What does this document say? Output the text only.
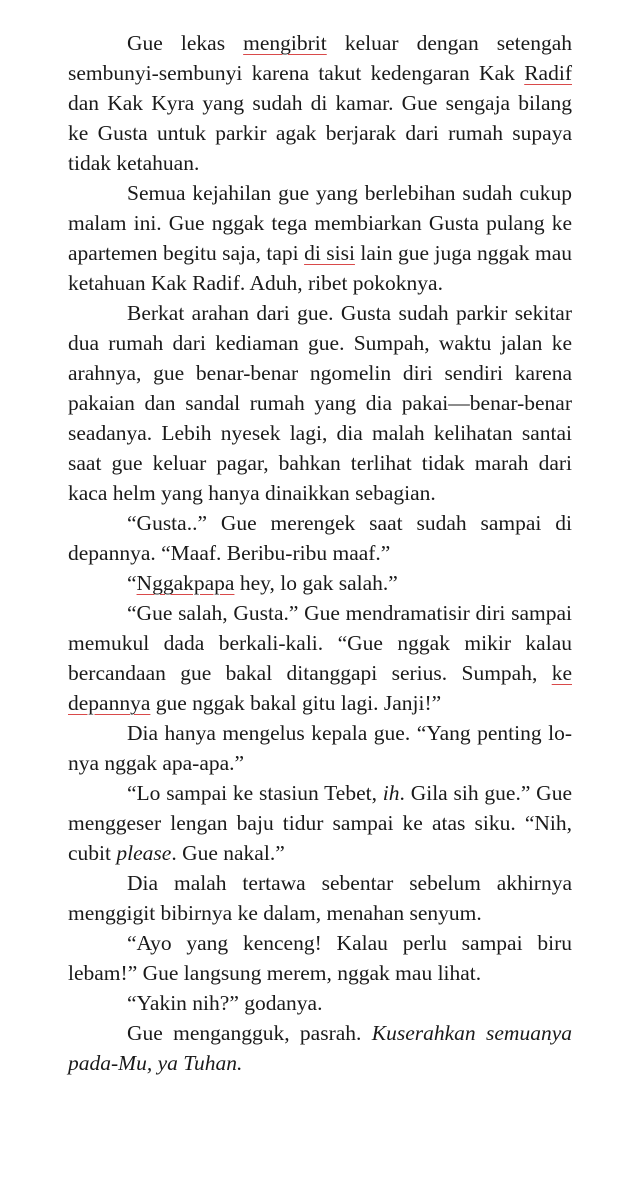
Gue lekas mengibrit keluar dengan setengah sembunyi-sembunyi karena takut kedengaran Kak Radif dan Kak Kyra yang sudah di kamar. Gue sengaja bilang ke Gusta untuk parkir agak berjarak dari rumah supaya tidak ketahuan.

Semua kejahilan gue yang berlebihan sudah cukup malam ini. Gue nggak tega membiarkan Gusta pulang ke apartemen begitu saja, tapi di sisi lain gue juga nggak mau ketahuan Kak Radif. Aduh, ribet pokoknya.

Berkat arahan dari gue. Gusta sudah parkir sekitar dua rumah dari kediaman gue. Sumpah, waktu jalan ke arahnya, gue benar-benar ngomelin diri sendiri karena pakaian dan sandal rumah yang dia pakai—benar-benar seadanya. Lebih nyesek lagi, dia malah kelihatan santai saat gue keluar pagar, bahkan terlihat tidak marah dari kaca helm yang hanya dinaikkan sebagian.

“Gusta..” Gue merengek saat sudah sampai di depannya. “Maaf. Beribu-ribu maaf.”

“Nggakpapa hey, lo gak salah.”

“Gue salah, Gusta.” Gue mendramatisir diri sampai memukul dada berkali-kali. “Gue nggak mikir kalau bercandaan gue bakal ditanggapi serius. Sumpah, ke depannya gue nggak bakal gitu lagi. Janji!”

Dia hanya mengelus kepala gue. “Yang penting lo-nya nggak apa-apa.”

“Lo sampai ke stasiun Tebet, ih. Gila sih gue.” Gue menggeser lengan baju tidur sampai ke atas siku. “Nih, cubit please. Gue nakal.”

Dia malah tertawa sebentar sebelum akhirnya menggigit bibirnya ke dalam, menahan senyum.

“Ayo yang kenceng! Kalau perlu sampai biru lebam!” Gue langsung merem, nggak mau lihat.

“Yakin nih?” godanya.

Gue mengangguk, pasrah. Kuserahkan semuanya pada-Mu, ya Tuhan.
